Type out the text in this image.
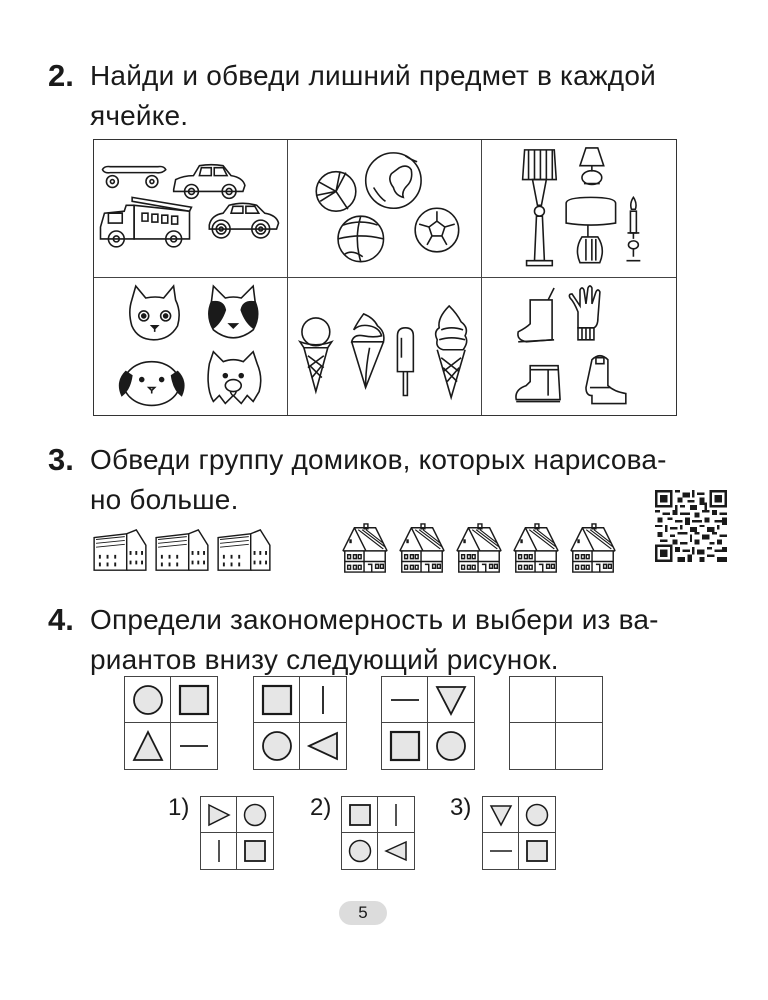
2. Найди и обведи лишний предмет в каждой
ячейке.
3. Обведи группу домиков, которых нарисова-
но больше.
4. Определи закономерность и выбери из ва-
риантов внизу следующий рисунок.
1)	2)	3)
5
